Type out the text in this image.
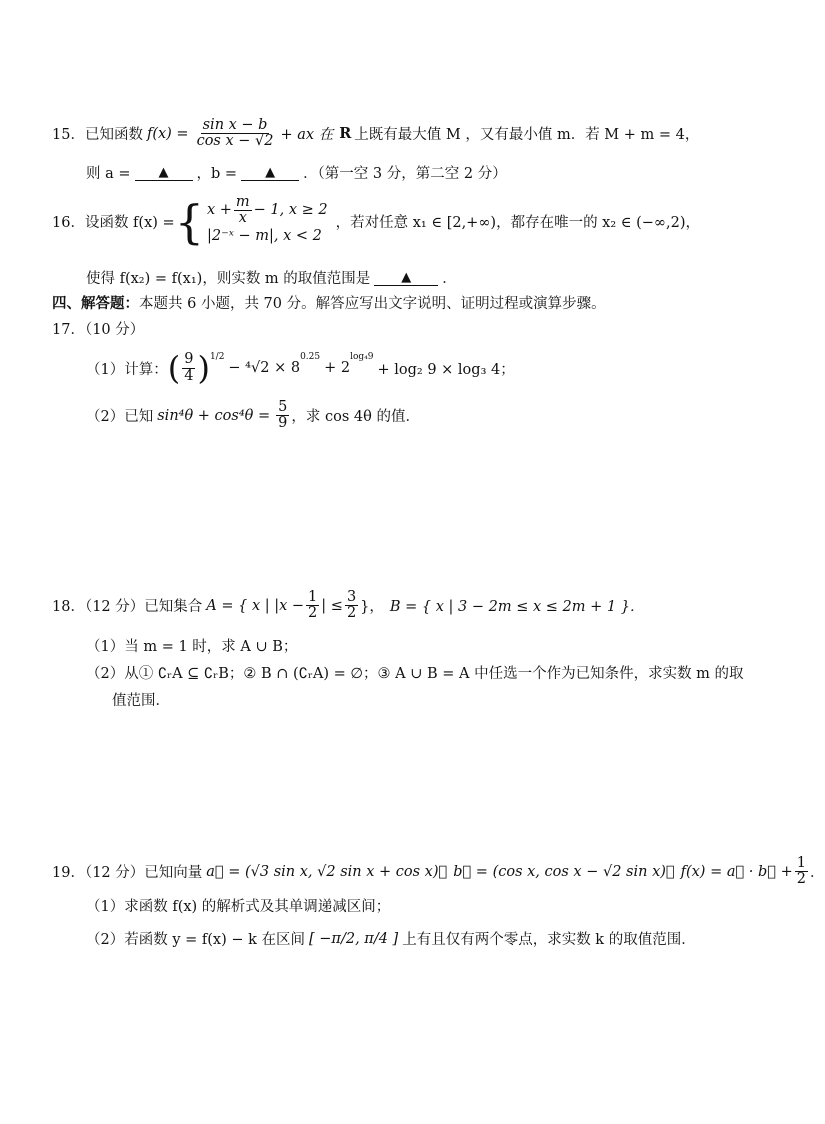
15． 已知函数 $f(x) = \frac{\text{sin x − b}}{\text{cos x − √2}}$ + ax 在 R 上既有最大值 M ，又有最小值 m．若 M + m = 4，
则 a =	▲	，b =	▲	．（第一空 3 分，第二空 2 分）
16． 设函数 f(x) = { $x + \frac{m}{x} - 1$, x ≥ 2
|2⁻ˣ − m|, x < 2
，若对任意 x₁ ∈ [2,+∞)，都存在唯一的 x₂ ∈ (−∞,2)，
使得 f(x₂) = f(x₁)，则实数 m 的取值范围是	▲	．
四、解答题： 本题共 6 小题，共 70 分。解答应写出文字说明、证明过程或演算步骤。
17．（10 分）
（1）计算： ( $\frac{9}{4} )^{1/2}$
− ⁴√2 × 8
$^{0.25}$
+ 2
$^{log_49}$
+ log₂ 9 × log₃ 4；
（2）已知 $\sin^4\theta + \cos^4\theta = \frac{5}{9}$ ，求 cos 4θ 的值．
18．（12 分）已知集合 A = { x | $|x - \frac{1}{2}$ | ≤ $\frac{3}{2}$ }， B = { x | 3 − 2m ≤ x ≤ 2m + 1 }．
（1）当 m = 1 时，求 A ∪ B；
（2）从① ∁ᵣA ⊆ ∁ᵣB；② B ∩ (∁ᵣA) = ∅；③ A ∪ B = A 中任选一个作为已知条件，求实数 m 的取
值范围．
19．（12 分）已知向量 a⃗ = (√3 sin x, √2 sin x + cos x)， b⃗ = (cos x, cos x − √2 sin x)， f(x) = a⃗ · b⃗ + $\frac{1}{2}$ ．
（1）求函数 f(x) 的解析式及其单调递减区间；
（2）若函数 y = f(x) − k 在区间 [ −π/2, π/4 ] 上有且仅有两个零点，求实数 k 的取值范围．
